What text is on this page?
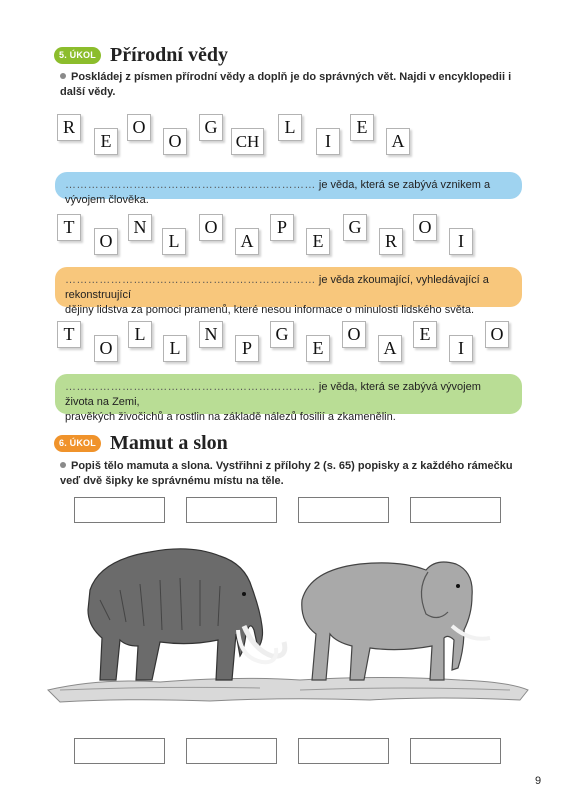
5. ÚKOL Přírodní vědy
Poskládej z písmen přírodní vědy a doplň je do správných vět. Najdi v encyklopedii i další vědy.
R
E
O
O
G
CH
L
I
E
A
………………………………………………………… je věda, která se zabývá vznikem a vývojem člověka.
T
O
N
L
O
A
P
E
G
R
O
I
………………………………………………………… je věda zkoumající, vyhledávající a rekonstruující
dějiny lidstva za pomoci pramenů, které nesou informace o minulosti lidského světa.
T
O
L
L
N
P
G
E
O
A
E
I
O
………………………………………………………… je věda, která se zabývá vývojem života na Zemi,
pravěkých živočichů a rostlin na základě nálezů fosilií a zkamenělin.
6. ÚKOL Mamut a slon
Popiš tělo mamuta a slona. Vystřihni z přílohy 2 (s. 65) popisky a z každého rámečku veď dvě šipky ke správnému místu na těle.
9
